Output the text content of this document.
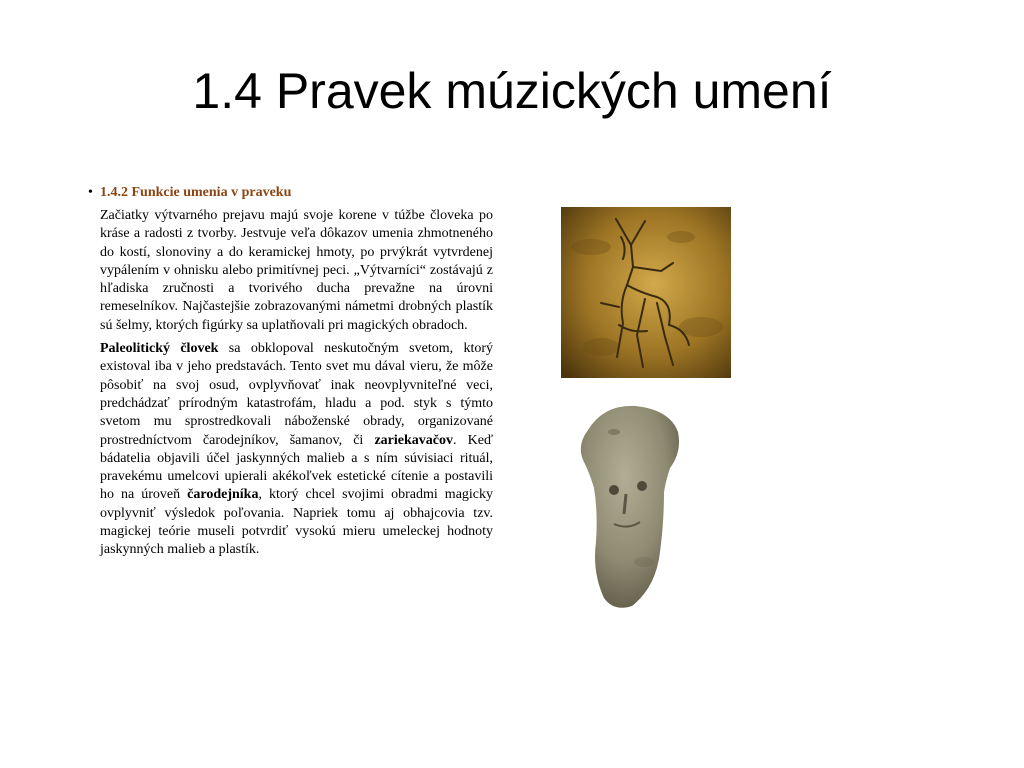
1.4 Pravek múzických umení
• 1.4.2 Funkcie umenia v praveku

Začiatky výtvarného prejavu majú svoje korene v túžbe človeka po kráse a radosti z tvorby. Jestvuje veľa dôkazov umenia zhmotneného do kostí, slonoviny a do keramickej hmoty, po prvýkrát vytvrdenej vypálením v ohnisku alebo primitívnej peci. „Výtvarníci“ zostávajú z hľadiska zručnosti a tvorivého ducha prevažne na úrovni remeselníkov. Najčastejšie zobrazovanými námetmi drobných plastík sú šelmy, ktorých figúrky sa uplatňovali pri magických obradoch.

Paleolitický človek sa obklopoval neskutočným svetom, ktorý existoval iba v jeho predstavách. Tento svet mu dával vieru, že môže pôsobiť na svoj osud, ovplyvňovať inak neovplyvniteľné veci, predchádzať prírodným katastrofám, hladu a pod. styk s týmto svetom mu sprostredkovali náboženské obrady, organizované prostredníctvom čarodejníkov, šamanov, či zariekavačov. Keď bádatelia objavili účel jaskynných malieb a s ním súvisiaci rituál, pravekému umelcovi upierali akékoľvek estetické cítenie a postavili ho na úroveň čarodejníka, ktorý chcel svojimi obradmi magicky ovplyvniť výsledok poľovania. Napriek tomu aj obhajcovia tzv. magickej teórie museli potvrdiť vysokú mieru umeleckej hodnoty jaskynných malieb a plastík.
